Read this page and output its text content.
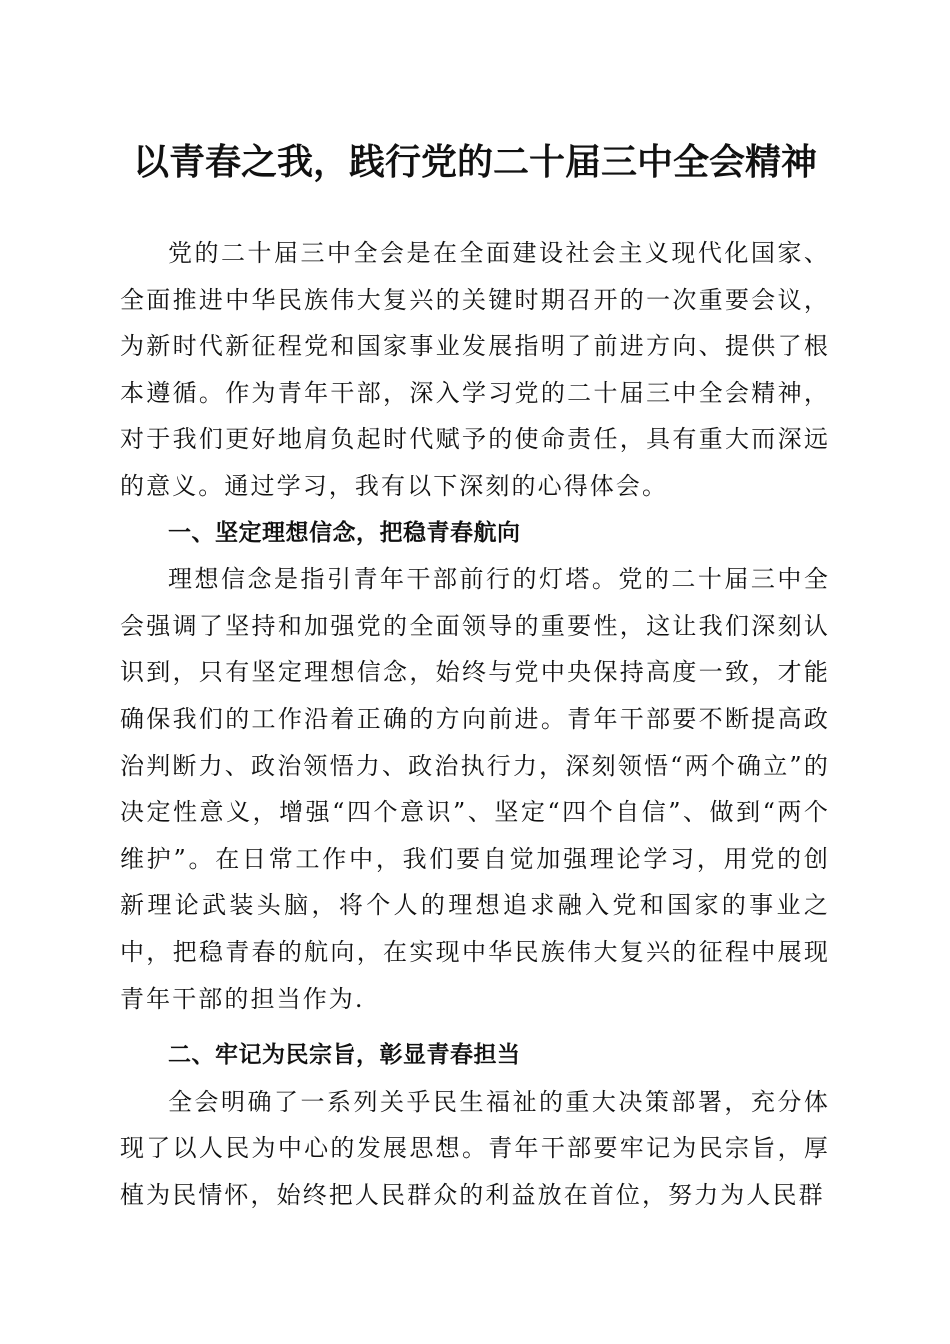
以青春之我，践行党的二十届三中全会精神

党的二十届三中全会是在全面建设社会主义现代化国家、全面推进中华民族伟大复兴的关键时期召开的一次重要会议，为新时代新征程党和国家事业发展指明了前进方向、提供了根本遵循。作为青年干部，深入学习党的二十届三中全会精神，对于我们更好地肩负起时代赋予的使命责任，具有重大而深远的意义。通过学习，我有以下深刻的心得体会。

一、坚定理想信念，把稳青春航向

理想信念是指引青年干部前行的灯塔。党的二十届三中全会强调了坚持和加强党的全面领导的重要性，这让我们深刻认识到，只有坚定理想信念，始终与党中央保持高度一致，才能确保我们的工作沿着正确的方向前进。青年干部要不断提高政治判断力、政治领悟力、政治执行力，深刻领悟“两个确立”的决定性意义，增强“四个意识”、坚定“四个自信”、做到“两个维护”。在日常工作中，我们要自觉加强理论学习，用党的创新理论武装头脑，将个人的理想追求融入党和国家的事业之中，把稳青春的航向，在实现中华民族伟大复兴的征程中展现青年干部的担当作为.

二、牢记为民宗旨，彰显青春担当

全会明确了一系列关乎民生福祉的重大决策部署，充分体现了以人民为中心的发展思想。青年干部要牢记为民宗旨，厚植为民情怀，始终把人民群众的利益放在首位，努力为人民群
